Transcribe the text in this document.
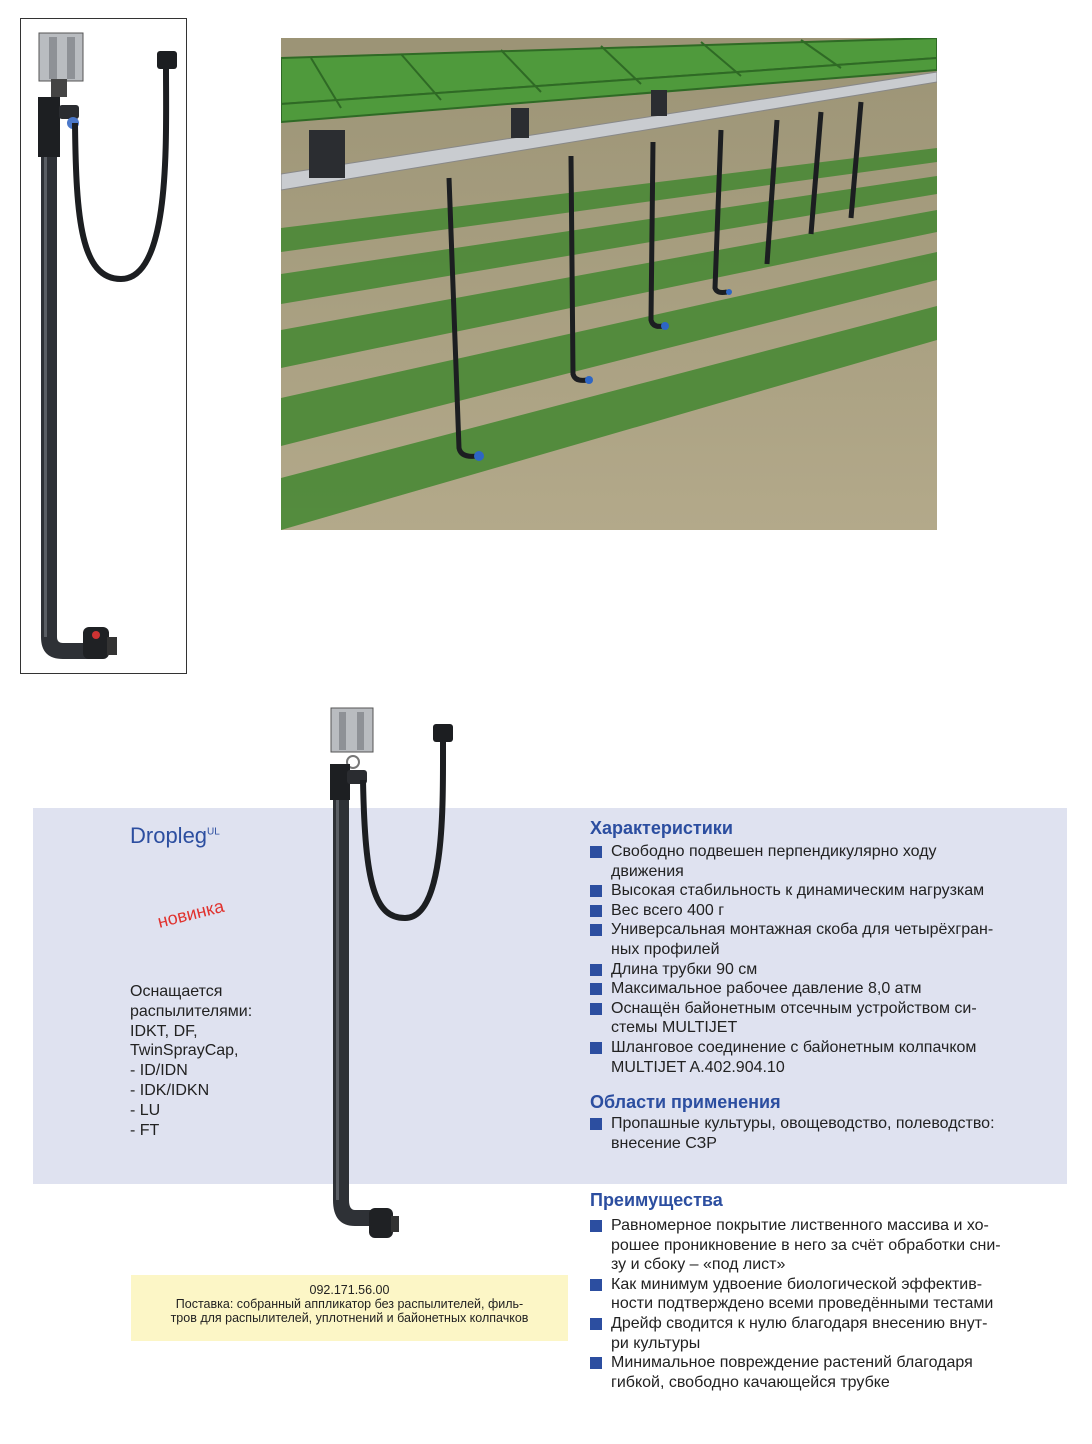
Dropleg$^{UL}$
новинка
Оснащается
распылителями:
IDKT, DF,
TwinSprayCap,
- ID/IDN
- IDK/IDKN
- LU
- FT
Характеристики
Свободно подвешен перпендикулярно ходу
движения
Высокая стабильность к динамическим нагрузкам
Вес всего 400 г
Универсальная монтажная скоба для четырёхгран-
ных профилей
Длина трубки 90 см
Максимальное рабочее давление 8,0 атм
Оснащён байонетным отсечным устройством си-
стемы MULTIJET
Шланговое соединение с байонетным колпачком
MULTIJET A.402.904.10
Области применения
Пропашные культуры, овощеводство, полеводство:
внесение СЗР
Преимущества
Равномерное покрытие лиственного массива и хо-
рошее проникновение в него за счёт обработки сни-
зу и сбоку – «под лист»
Как минимум удвоение биологической эффектив-
ности подтверждено всеми проведёнными тестами
Дрейф сводится к нулю благодаря внесению внут-
ри культуры
Минимальное повреждение растений благодаря
гибкой, свободно качающейся трубке
092.171.56.00
Поставка: собранный аппликатор без распылителей, филь-
тров для распылителей, уплотнений и байонетных колпачков
